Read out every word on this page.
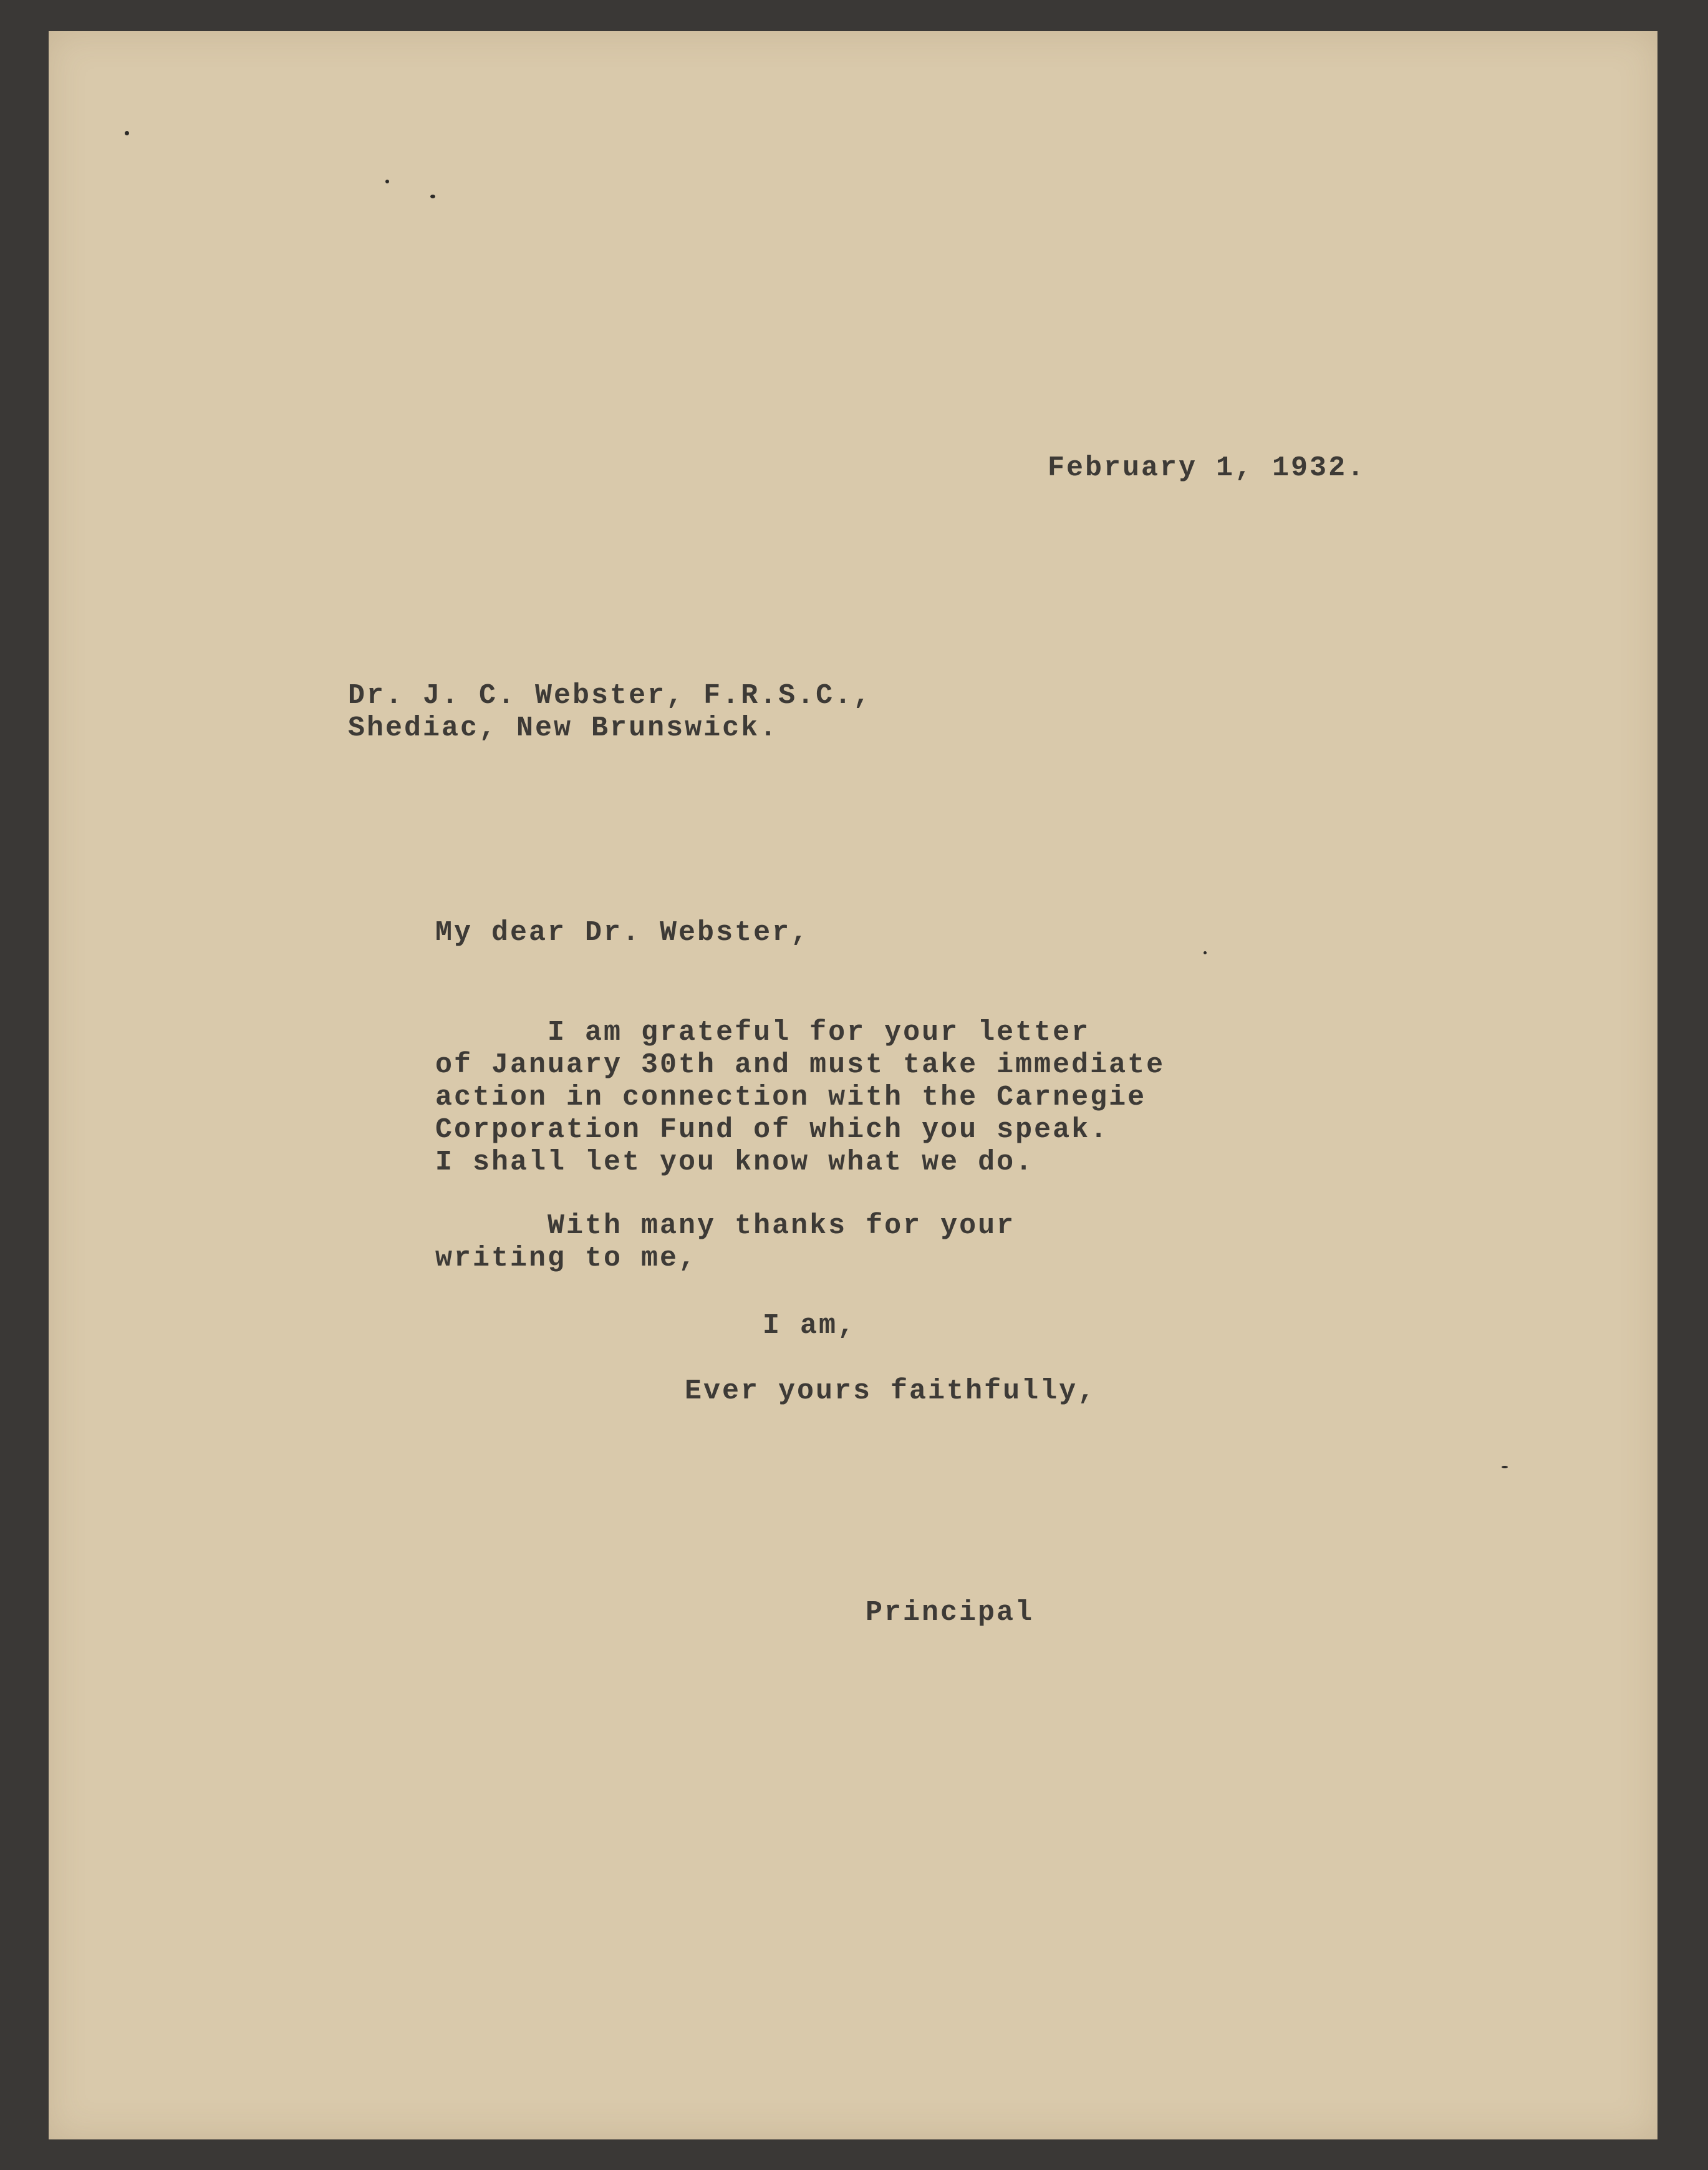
February 1, 1932.

Dr. J. C. Webster, F.R.S.C.,
Shediac, New Brunswick.

My dear Dr. Webster,

I am grateful for your letter
of January 30th and must take immediate
action in connection with the Carnegie
Corporation Fund of which you speak.
I shall let you know what we do.
With many thanks for your
writing to me,

I am,

Ever yours faithfully,

Principal
